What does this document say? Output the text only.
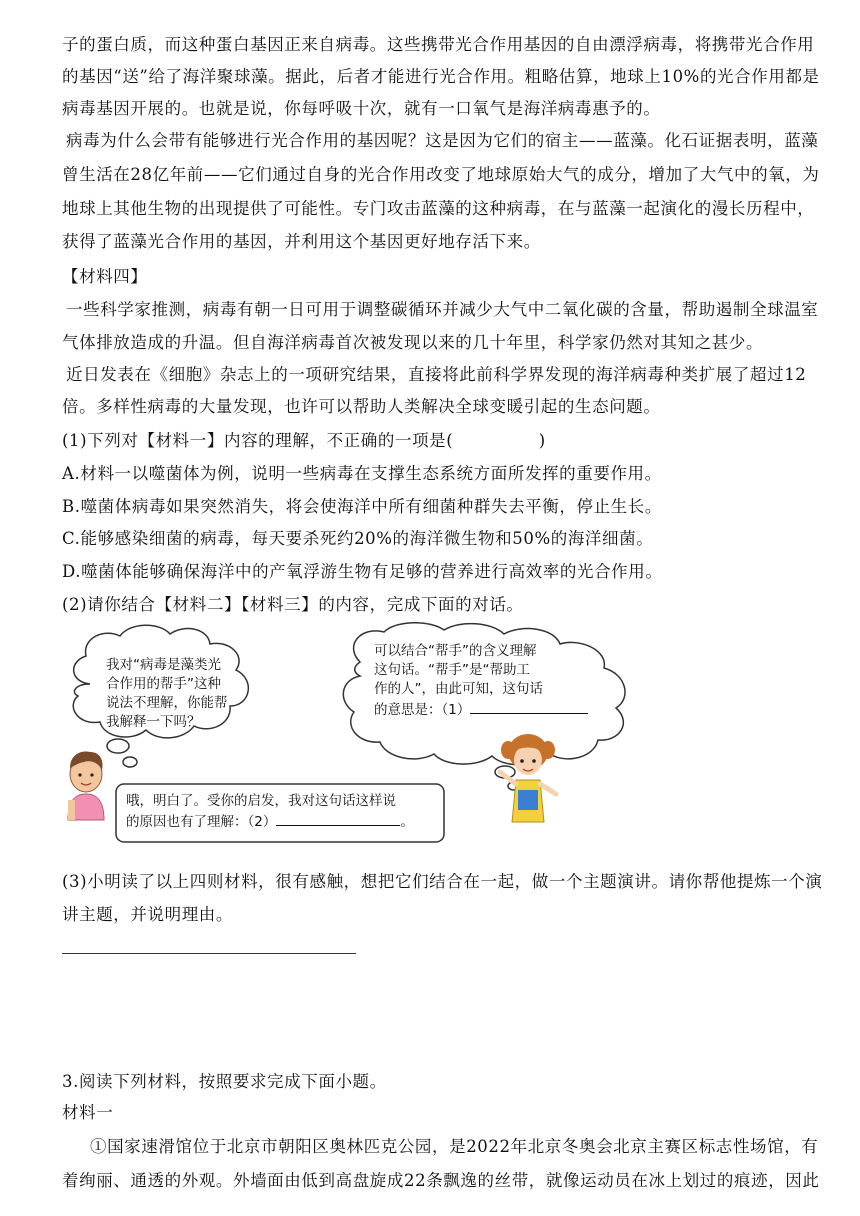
子的蛋白质，而这种蛋白基因正来自病毒。这些携带光合作用基因的自由漂浮病毒，将携带光合作用
的基因“送”给了海洋聚球藻。据此，后者才能进行光合作用。粗略估算，地球上10%的光合作用都是
病毒基因开展的。也就是说，你每呼吸十次，就有一口氧气是海洋病毒惠予的。
病毒为什么会带有能够进行光合作用的基因呢？这是因为它们的宿主——蓝藻。化石证据表明，蓝藻
曾生活在28亿年前——它们通过自身的光合作用改变了地球原始大气的成分，增加了大气中的氧，为
地球上其他生物的出现提供了可能性。专门攻击蓝藻的这种病毒，在与蓝藻一起演化的漫长历程中，
获得了蓝藻光合作用的基因，并利用这个基因更好地存活下来。
【材料四】
一些科学家推测，病毒有朝一日可用于调整碳循环并减少大气中二氧化碳的含量，帮助遏制全球温室
气体排放造成的升温。但自海洋病毒首次被发现以来的几十年里，科学家仍然对其知之甚少。
近日发表在《细胞》杂志上的一项研究结果，直接将此前科学界发现的海洋病毒种类扩展了超过12
倍。多样性病毒的大量发现，也许可以帮助人类解决全球变暖引起的生态问题。
(1)下列对【材料一】内容的理解，不正确的一项是(　　　　　)
A.材料一以噬菌体为例，说明一些病毒在支撑生态系统方面所发挥的重要作用。
B.噬菌体病毒如果突然消失，将会使海洋中所有细菌种群失去平衡，停止生长。
C.能够感染细菌的病毒，每天要杀死约20%的海洋微生物和50%的海洋细菌。
D.噬菌体能够确保海洋中的产氧浮游生物有足够的营养进行高效率的光合作用。
(2)请你结合【材料二】【材料三】的内容，完成下面的对话。
我对“病毒是藻类光
合作用的帮手”这种
说法不理解，你能帮
我解释一下吗？
可以结合“帮手”的含义理解
这句话。“帮手”是“帮助工
作的人”，由此可知，这句话
的意思是：（1）
哦，明白了。受你的启发，我对这句话这样说
的原因也有了理解：（2）	。
(3)小明读了以上四则材料，很有感触，想把它们结合在一起，做一个主题演讲。请你帮他提炼一个演
讲主题，并说明理由。
3.阅读下列材料，按照要求完成下面小题。
材料一
①国家速滑馆位于北京市朝阳区奥林匹克公园，是2022年北京冬奥会北京主赛区标志性场馆，有
着绚丽、通透的外观。外墙面由低到高盘旋成22条飘逸的丝带，就像运动员在冰上划过的痕迹，因此
